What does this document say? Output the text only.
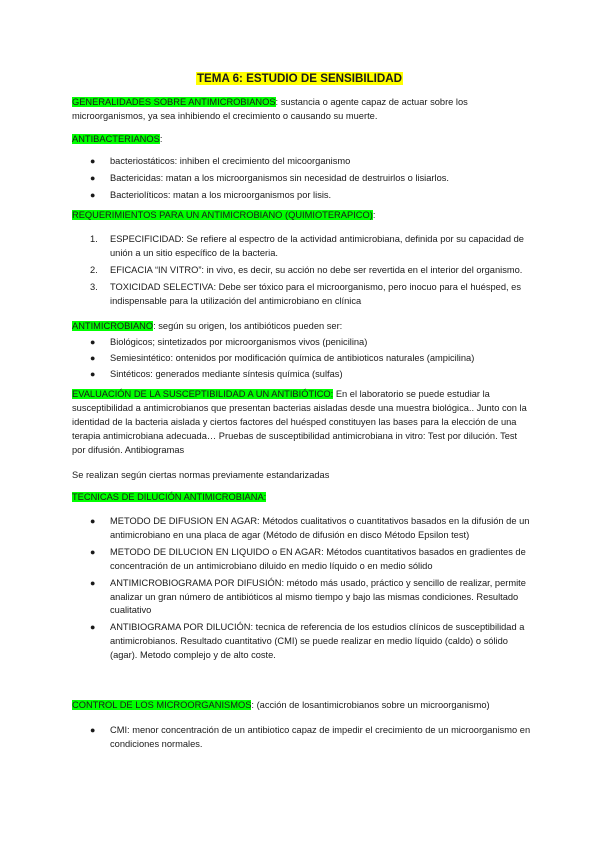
TEMA 6: ESTUDIO DE SENSIBILIDAD

GENERALIDADES SOBRE ANTIMICROBIANOS: sustancia o agente capaz de actuar sobre los microorganismos, ya sea inhibiendo el crecimiento o causando su muerte.

ANTIBACTERIANOS:

● bacteriostáticos: inhiben el crecimiento del micoorganismo
● Bactericidas: matan a los microorganismos sin necesidad de destruirlos o lisiarlos.
● Bacteriolíticos: matan a los microorganismos por lisis.

REQUERIMIENTOS PARA UN ANTIMICROBIANO (QUIMIOTERAPICO):

1. ESPECIFICIDAD: Se refiere al espectro de la actividad antimicrobiana, definida por su capacidad de unión a un sitio específico de la bacteria.
2. EFICACIA “IN VITRO”: in vivo, es decir, su acción no debe ser revertida en el interior del organismo.
3. TOXICIDAD SELECTIVA: Debe ser tóxico para el microorganismo, pero inocuo para el huésped, es indispensable para la utilización del antimicrobiano en clínica

ANTIMICROBIANO: según su origen, los antibióticos pueden ser:

● Biológicos; sintetizados por microorganismos vivos (penicilina)
● Semiesintético: ontenidos por modificación química de antibioticos naturales (ampicilina)
● Sintéticos: generados mediante síntesis química (sulfas)

EVALUACIÓN DE LA SUSCEPTIBILIDAD A UN ANTIBIÓTICO: En el laboratorio se puede estudiar la susceptibilidad a antimicrobianos que presentan bacterias aisladas desde una muestra biológica.. Junto con la identidad de la bacteria aislada y ciertos factores del huésped constituyen las bases para la elección de una terapia antimicrobiana adecuada… Pruebas de susceptibilidad antimicrobiana in vitro: Test por dilución. Test por difusión. Antibiogramas

Se realizan según ciertas normas previamente estandarizadas

TECNICAS DE DILUCIÓN ANTIMICROBIANA:

● METODO DE DIFUSION EN AGAR: Métodos cualitativos o cuantitativos basados en la difusión de un antimicrobiano en una placa de agar (Método de difusión en disco Método Epsilon test)
● METODO DE DILUCION EN LIQUIDO o EN AGAR: Métodos cuantitativos basados en gradientes de concentración de un antimicrobiano diluido en medio líquido o en medio sólido
● ANTIMICROBIOGRAMA POR DIFUSIÓN: método más usado, práctico y sencillo de realizar, permite analizar un gran número de antibióticos al mismo tiempo y bajo las mismas condiciones. Resultado cualitativo
● ANTIBIOGRAMA POR DILUCIÓN: tecnica de referencia de los estudios clínicos de susceptibilidad a antimicrobianos. Resultado cuantitativo (CMI) se puede realizar en medio líquido (caldo) o sólido (agar). Metodo complejo y de alto coste.

CONTROL DE LOS MICROORGANISMOS: (acción de losantimicrobianos sobre un microorganismo)

● CMI: menor concentración de un antibiotico capaz de impedir el crecimiento de un microorganismo en condiciones normales.
